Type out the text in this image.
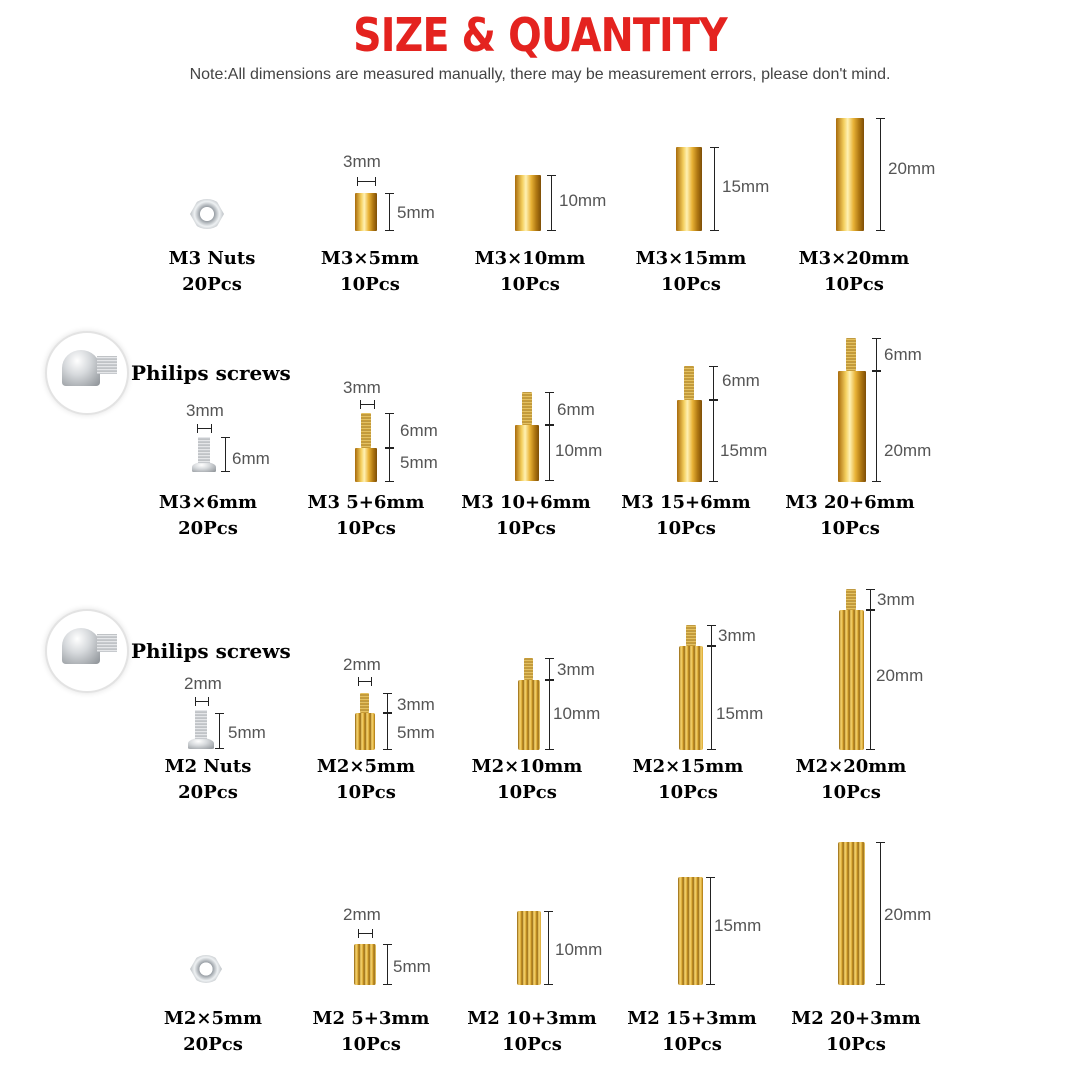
SIZE & QUANTITY
Note:All dimensions are measured manually, there may be measurement errors, please don't mind.
3mm
5mm
10mm
15mm
20mm
M3 Nuts
20Pcs
M3×5mm
10Pcs
M3×10mm
10Pcs
M3×15mm
10Pcs
M3×20mm
10Pcs
Philips screws
3mm
6mm
3mm
6mm
5mm
6mm
10mm
6mm
15mm
6mm
20mm
M3×6mm
20Pcs
M3 5+6mm
10Pcs
M3 10+6mm
10Pcs
M3 15+6mm
10Pcs
M3 20+6mm
10Pcs
Philips screws
2mm
5mm
2mm
3mm
5mm
3mm
10mm
3mm
15mm
3mm
20mm
M2 Nuts
20Pcs
M2×5mm
10Pcs
M2×10mm
10Pcs
M2×15mm
10Pcs
M2×20mm
10Pcs
2mm
5mm
10mm
15mm
20mm
M2×5mm
20Pcs
M2 5+3mm
10Pcs
M2 10+3mm
10Pcs
M2 15+3mm
10Pcs
M2 20+3mm
10Pcs
